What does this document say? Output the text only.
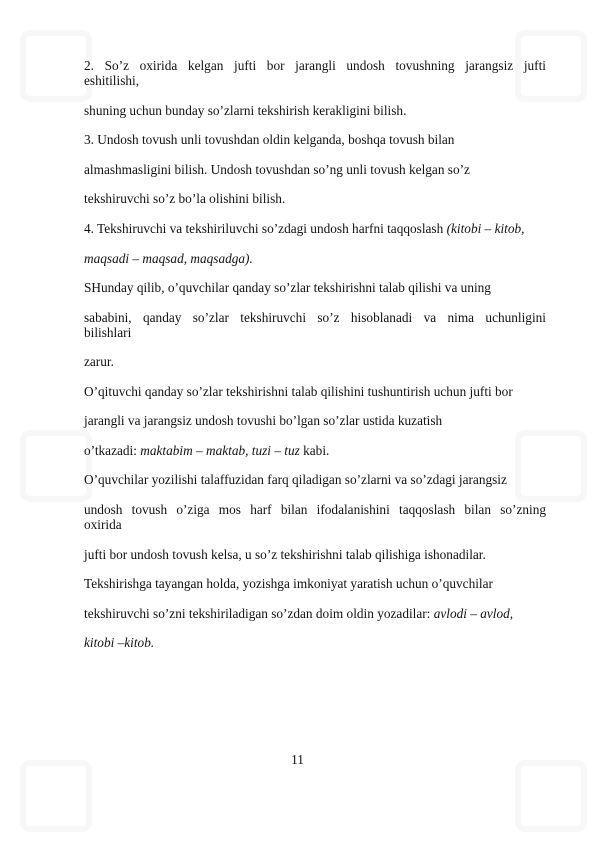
2. So’z oxirida kelgan jufti bor jarangli undosh tovushning jarangsiz jufti
eshitilishi,
shuning uchun bunday so’zlarni tekshirish kerakligini bilish.
3. Undosh tovush unli tovushdan oldin kelganda, boshqa tovush bilan
almashmasligini bilish. Undosh tovushdan so’ng unli tovush kelgan so’z
tekshiruvchi so’z bo’la olishini bilish.
4. Tekshiruvchi va tekshiriluvchi so’zdagi undosh harfni taqqoslash (kitobi – kitob,
maqsadi – maqsad, maqsadga).
SHunday qilib, o’quvchilar qanday so’zlar tekshirishni talab qilishi va uning
sababini, qanday so’zlar tekshiruvchi so’z hisoblanadi va nima uchunligini
bilishlari
zarur.
O’qituvchi qanday so’zlar tekshirishni talab qilishini tushuntirish uchun jufti bor
jarangli va jarangsiz undosh tovushi bo’lgan so’zlar ustida kuzatish
o’tkazadi: maktabim – maktab, tuzi – tuz kabi.
O’quvchilar yozilishi talaffuzidan farq qiladigan so’zlarni va so’zdagi jarangsiz
undosh tovush o’ziga mos harf bilan ifodalanishini taqqoslash bilan so’zning
oxirida
jufti bor undosh tovush kelsa, u so’z tekshirishni talab qilishiga ishonadilar.
Tekshirishga tayangan holda, yozishga imkoniyat yaratish uchun o’quvchilar
tekshiruvchi so’zni tekshiriladigan so’zdan doim oldin yozadilar: avlodi – avlod,
kitobi –kitob.
11
